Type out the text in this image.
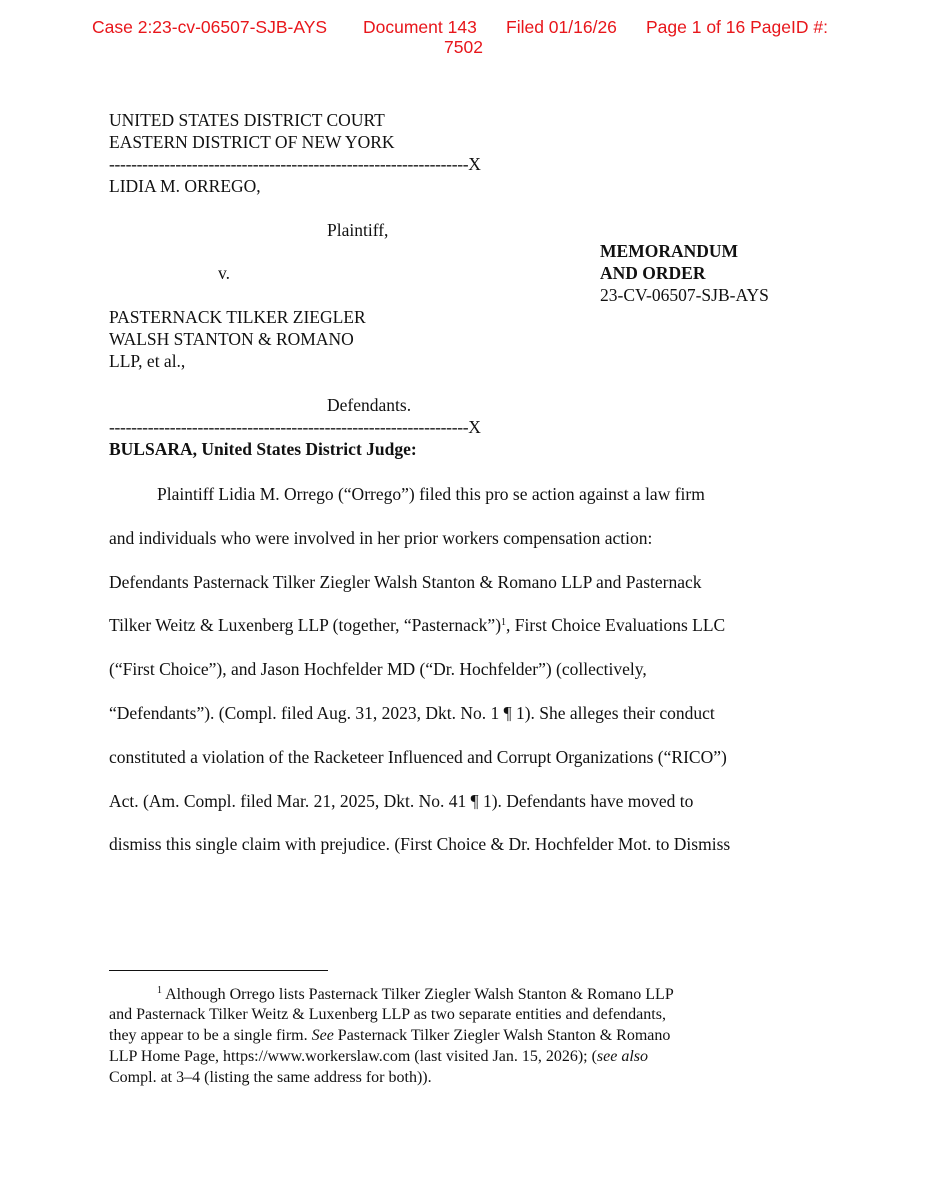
Case 2:23-cv-06507-SJB-AYS Document 143 Filed 01/16/26 Page 1 of 16 PageID #:
7502
UNITED STATES DISTRICT COURT
EASTERN DISTRICT OF NEW YORK
-----------------------------------------------------------------X
LIDIA M. ORREGO,
Plaintiff,
v.
PASTERNACK TILKER ZIEGLER
WALSH STANTON & ROMANO
LLP, et al.,
Defendants.
-----------------------------------------------------------------X
MEMORANDUM
AND ORDER
23-CV-06507-SJB-AYS
BULSARA, United States District Judge:
Plaintiff Lidia M. Orrego (“Orrego”) filed this pro se action against a law firm
and individuals who were involved in her prior workers compensation action:
Defendants Pasternack Tilker Ziegler Walsh Stanton & Romano LLP and Pasternack
Tilker Weitz & Luxenberg LLP (together, “Pasternack”)$^1$, First Choice Evaluations LLC
(“First Choice”), and Jason Hochfelder MD (“Dr. Hochfelder”) (collectively,
“Defendants”). (Compl. filed Aug. 31, 2023, Dkt. No. 1 ¶ 1). She alleges their conduct
constituted a violation of the Racketeer Influenced and Corrupt Organizations (“RICO”)
Act. (Am. Compl. filed Mar. 21, 2025, Dkt. No. 41 ¶ 1). Defendants have moved to
dismiss this single claim with prejudice. (First Choice & Dr. Hochfelder Mot. to Dismiss
$^1$ Although Orrego lists Pasternack Tilker Ziegler Walsh Stanton & Romano LLP
and Pasternack Tilker Weitz & Luxenberg LLP as two separate entities and defendants,
they appear to be a single firm. See Pasternack Tilker Ziegler Walsh Stanton & Romano
LLP Home Page, https://www.workerslaw.com (last visited Jan. 15, 2026); (see also
Compl. at 3–4 (listing the same address for both)).
